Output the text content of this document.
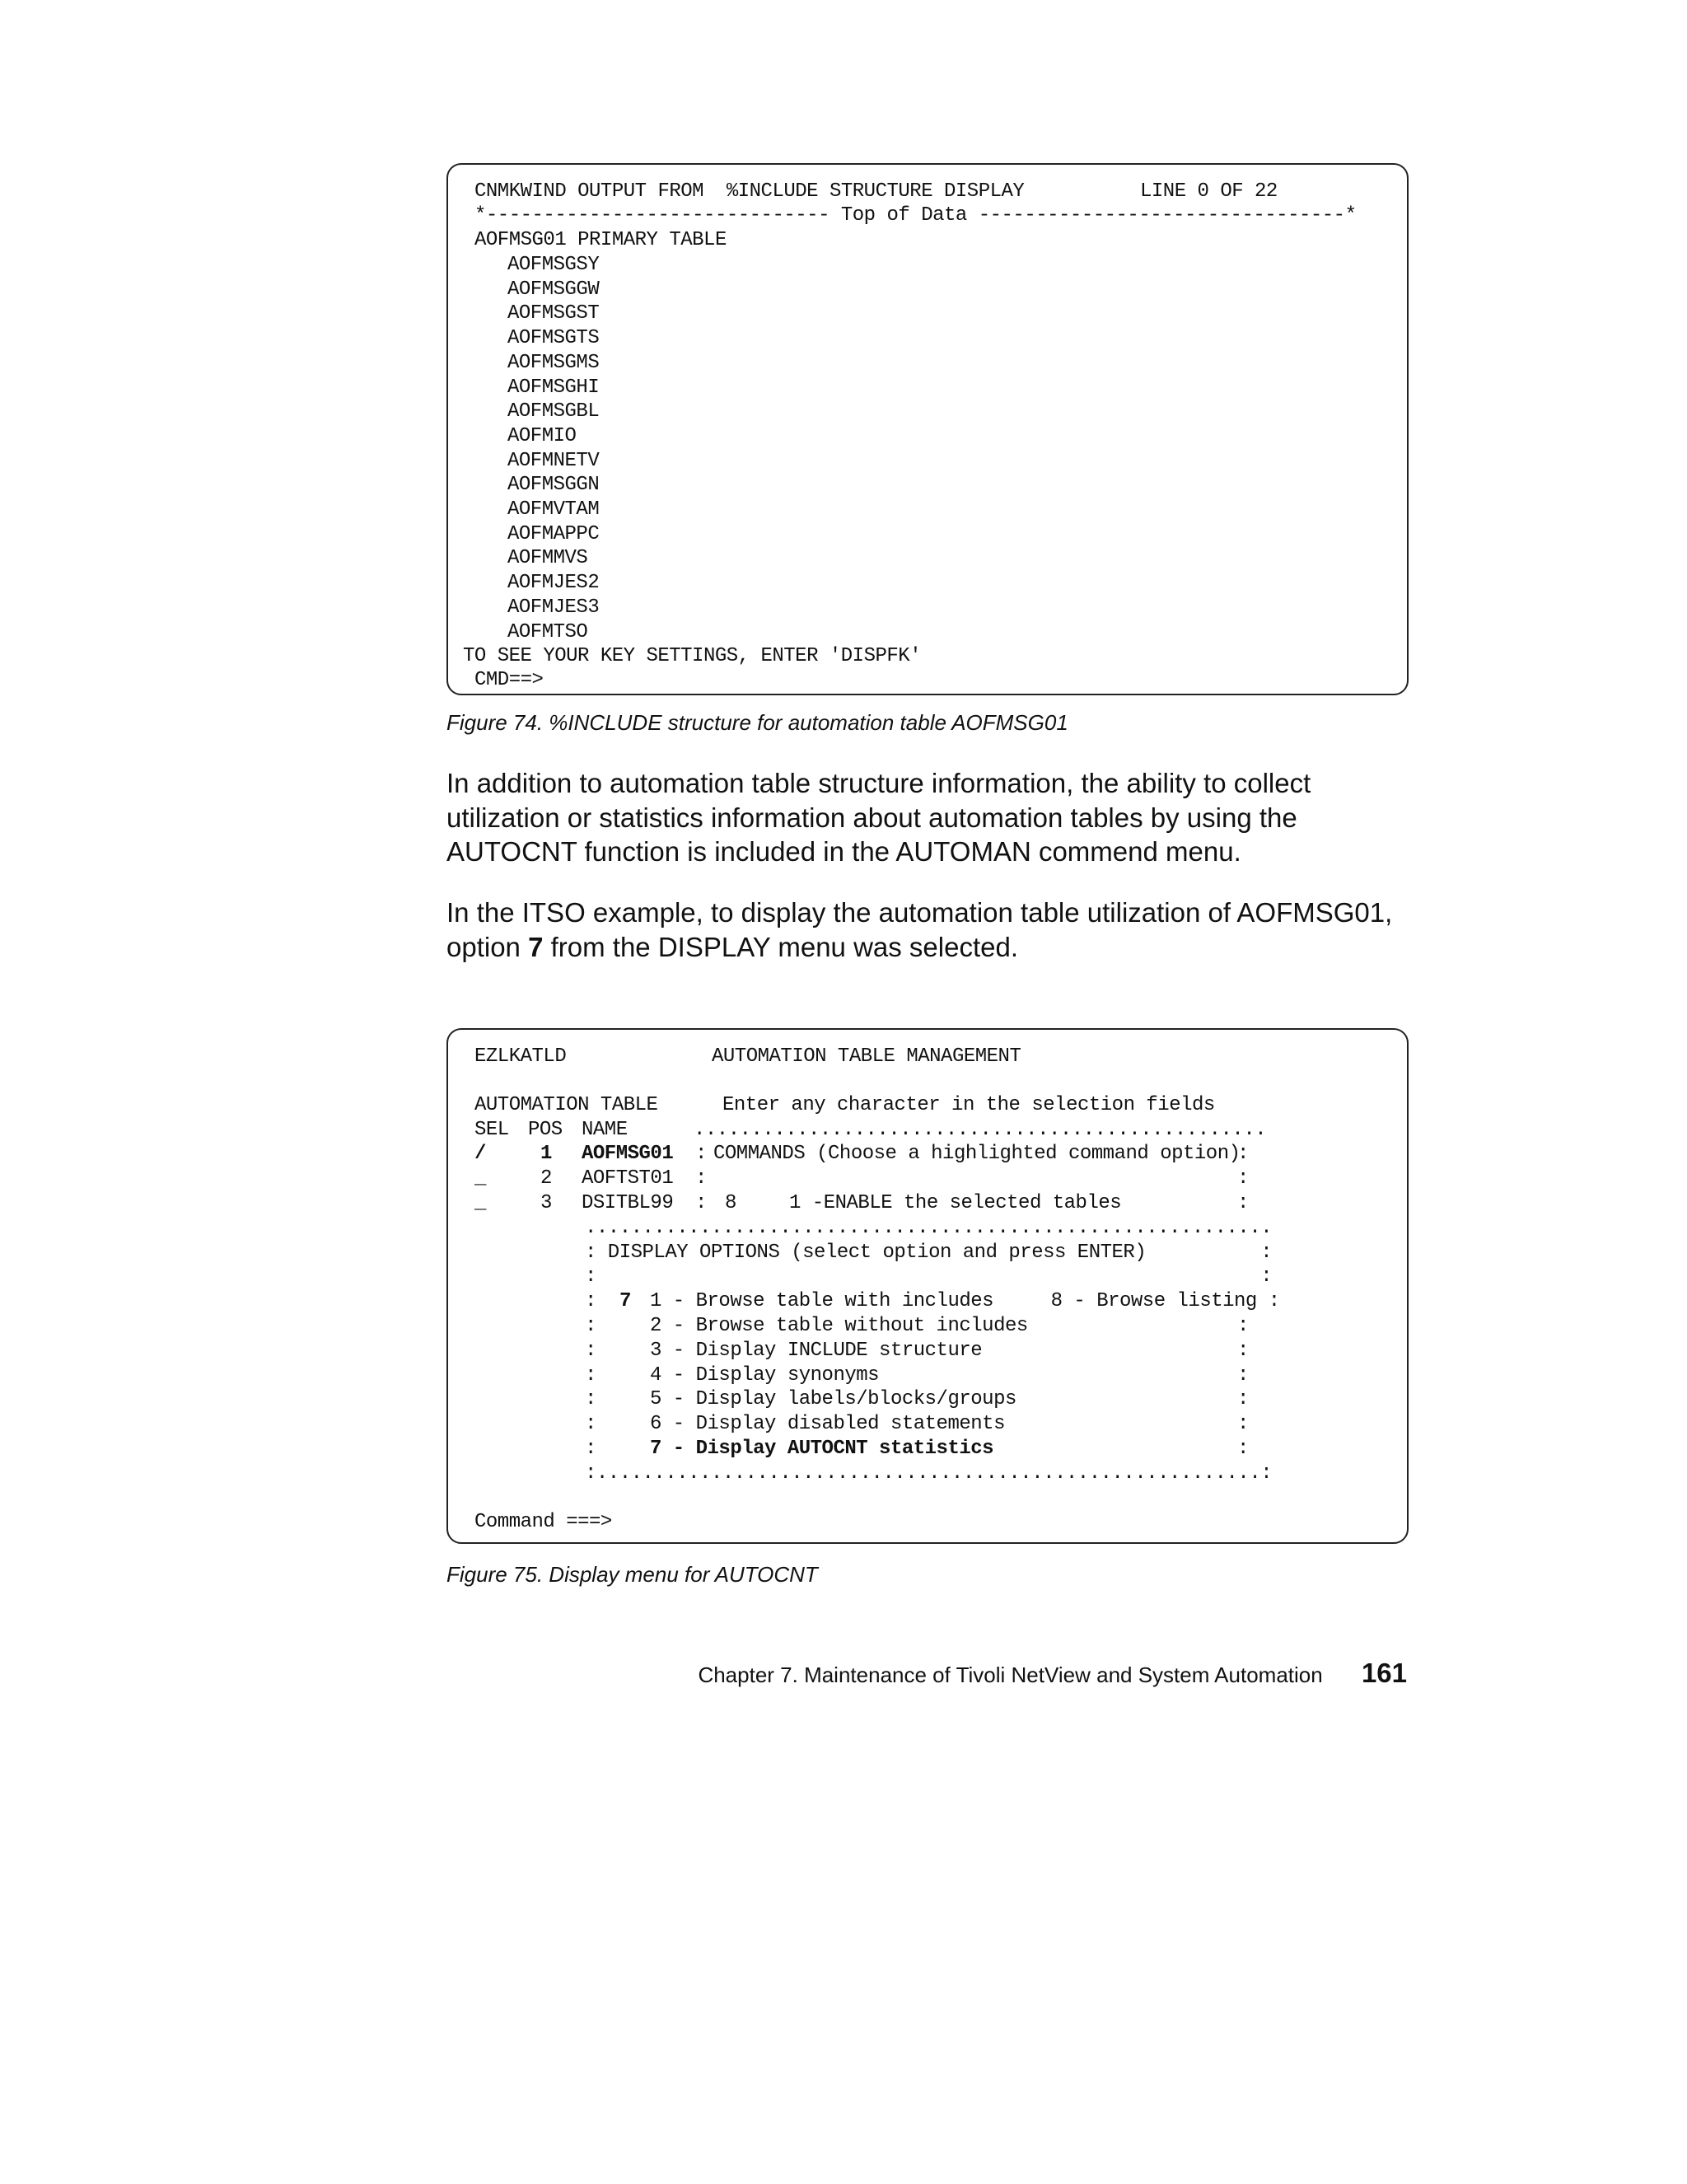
CNMKWIND OUTPUT FROM  %INCLUDE STRUCTURE DISPLAY	LINE 0 OF 22
*------------------------------ Top of Data --------------------------------*
AOFMSG01 PRIMARY TABLE
TO SEE YOUR KEY SETTINGS, ENTER 'DISPFK'
CMD==>
AOFMSGSY
AOFMSGGW
AOFMSGST
AOFMSGTS
AOFMSGMS
AOFMSGHI
AOFMSGBL
AOFMIO
AOFMNETV
AOFMSGGN
AOFMVTAM
AOFMAPPC
AOFMMVS
AOFMJES2
AOFMJES3
AOFMTSO
Figure 74. %INCLUDE structure for automation table AOFMSG01
In addition to automation table structure information, the ability to collect utilization or statistics information about automation tables by using the AUTOCNT function is included in the AUTOMAN commend menu.
In the ITSO example, to display the automation table utilization of AOFMSG01, option 7 from the DISPLAY menu was selected.
EZLKATLD	AUTOMATION TABLE MANAGEMENT
AUTOMATION TABLE	Enter any character in the selection fields
SEL POS NAME	..................................................
/	1 AOFMSG01 : COMMANDS (Choose a highlighted command option)
:
_	2 AOFTST01 :	:
_	3 DSITBL99 : 8	1 -ENABLE the selected tables	:
............................................................
: DISPLAY OPTIONS (select option and press ENTER)          :
:                                                          :
: 7 1 - Browse table with includes     8 - Browse listing :
:	7 - Display AUTOCNT statistics	:
:..........................................................:
Command ===>
:	2 - Browse table without includes	:
:	3 - Display INCLUDE structure	:
:	4 - Display synonyms	:
:	5 - Display labels/blocks/groups	:
:	6 - Display disabled statements	:
Figure 75. Display menu for AUTOCNT
Chapter 7. Maintenance of Tivoli NetView and System Automation 161
